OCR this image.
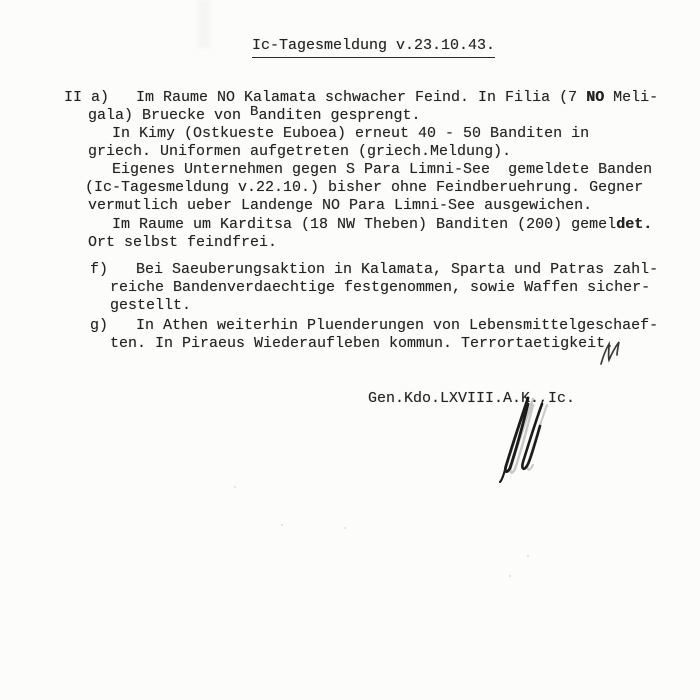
Ic-Tagesmeldung v.23.10.43.
II a) Im Raume NO Kalamata schwacher Feind. In Filia (7 NO Meli-
gala) Bruecke von Banditen gesprengt.
In Kimy (Ostkueste Euboea) erneut 40 - 50 Banditen in
griech. Uniformen aufgetreten (griech.Meldung).
Eigenes Unternehmen gegen S Para Limni-See  gemeldete Banden
(Ic-Tagesmeldung v.22.10.) bisher ohne Feindberuehrung. Gegner
vermutlich ueber Landenge NO Para Limni-See ausgewichen.
Im Raume um Karditsa (18 NW Theben) Banditen (200) gemeldet.
Ort selbst feindfrei.
f) Bei Saeuberungsaktion in Kalamata, Sparta und Patras zahl-
reiche Bandenverdaechtige festgenommen, sowie Waffen sicher-
gestellt.
g) In Athen weiterhin Pluenderungen von Lebensmittelgeschaef-
ten. In Piraeus Wiederaufleben kommun. Terrortaetigkeit.
Gen.Kdo.LXVIII.A.K.,Ic.
